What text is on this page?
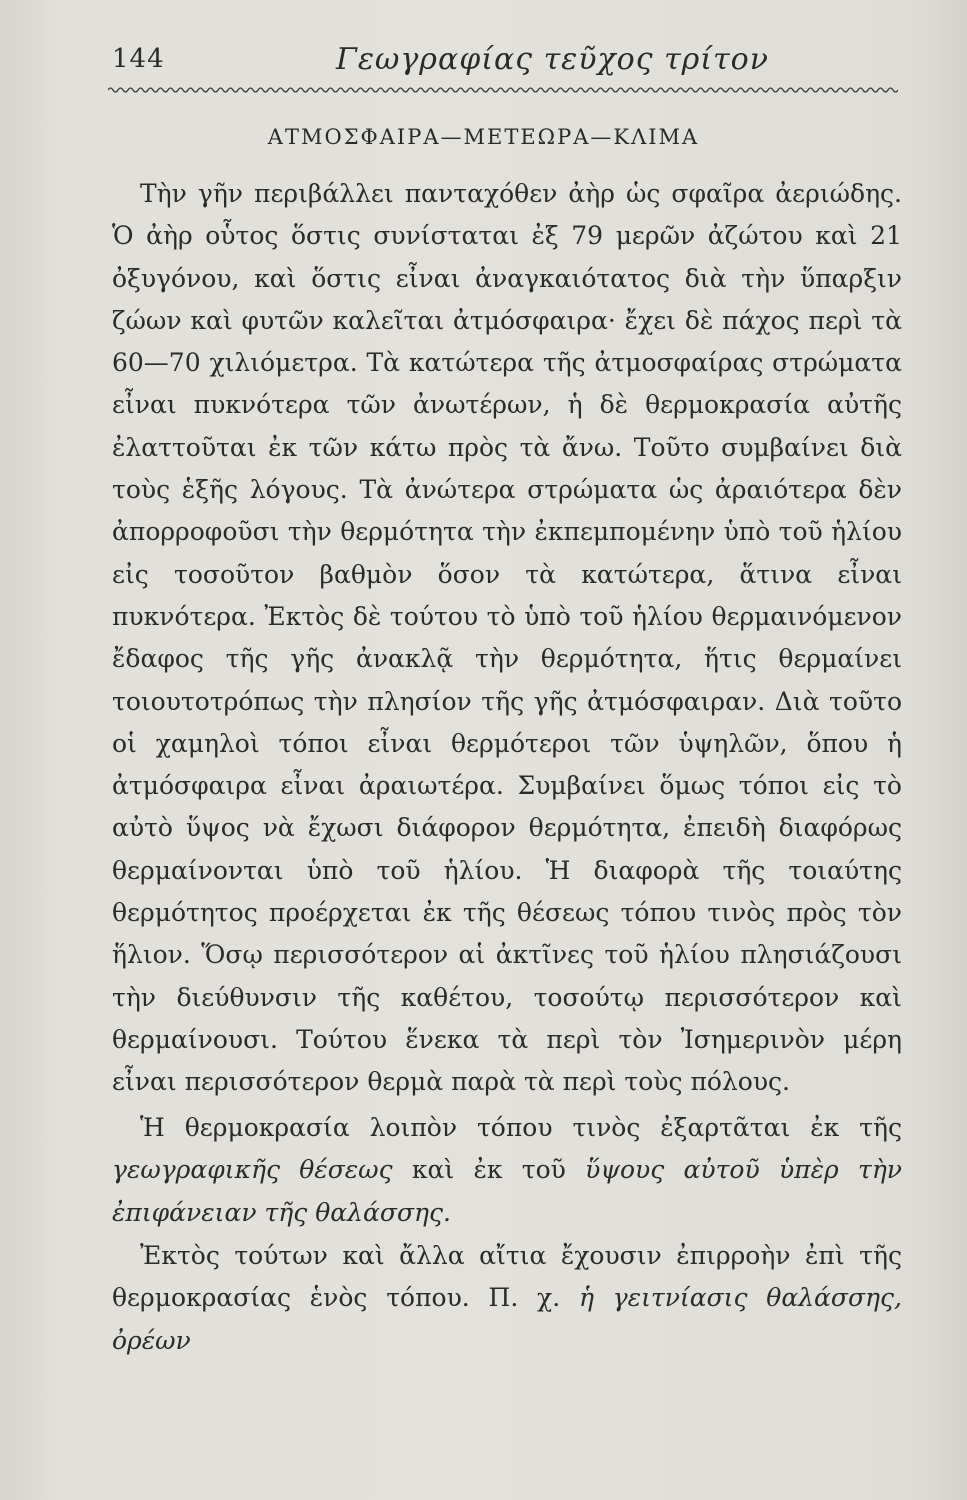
144	Γεωγραφίας τεῦχος τρίτον
ΑΤΜΟΣΦΑΙΡΑ—ΜΕΤΕΩΡΑ—ΚΛΙΜΑ
Τὴν γῆν περιβάλλει πανταχόθεν ἀὴρ ὡς σφαῖρα ἀεριώδης. Ὁ ἀὴρ οὗτος ὅστις συνίσταται ἐξ 79 μερῶν ἀζώτου καὶ 21 ὀξυγόνου, καὶ ὅστις εἶναι ἀναγκαιότατος διὰ τὴν ὕπαρξιν ζώων καὶ φυτῶν καλεῖται ἀτμόσφαιρα· ἔχει δὲ πάχος περὶ τὰ 60—70 χιλιόμετρα. Τὰ κατώτερα τῆς ἀτμοσφαίρας στρώματα εἶναι πυκνότερα τῶν ἀνωτέρων, ἡ δὲ θερμοκρασία αὐτῆς ἐλαττοῦται ἐκ τῶν κάτω πρὸς τὰ ἄνω. Τοῦτο συμβαίνει διὰ τοὺς ἑξῆς λόγους. Τὰ ἀνώτερα στρώματα ὡς ἀραιότερα δὲν ἀπορροφοῦσι τὴν θερμότητα τὴν ἐκπεμπομένην ὑπὸ τοῦ ἡλίου εἰς τοσοῦτον βαθμὸν ὅσον τὰ κατώτερα, ἅτινα εἶναι πυκνότερα. Ἐκτὸς δὲ τούτου τὸ ὑπὸ τοῦ ἡλίου θερμαινόμενον ἔδαφος τῆς γῆς ἀνακλᾷ τὴν θερμότητα, ἥτις θερμαίνει τοιουτοτρόπως τὴν πλησίον τῆς γῆς ἀτμόσφαιραν. Διὰ τοῦτο οἱ χαμηλοὶ τόποι εἶναι θερμότεροι τῶν ὑψηλῶν, ὅπου ἡ ἀτμόσφαιρα εἶναι ἀραιωτέρα. Συμβαίνει ὅμως τόποι εἰς τὸ αὐτὸ ὕψος νὰ ἔχωσι διάφορον θερμότητα, ἐπειδὴ διαφόρως θερμαίνονται ὑπὸ τοῦ ἡλίου. Ἡ διαφορὰ τῆς τοιαύτης θερμότητος προέρχεται ἐκ τῆς θέσεως τόπου τινὸς πρὸς τὸν ἥλιον. Ὅσῳ περισσότερον αἱ ἀκτῖνες τοῦ ἡλίου πλησιάζουσι τὴν διεύθυνσιν τῆς καθέτου, τοσούτῳ περισσότερον καὶ θερμαίνουσι. Τούτου ἕνεκα τὰ περὶ τὸν Ἰσημερινὸν μέρη εἶναι περισσότερον θερμὰ παρὰ τὰ περὶ τοὺς πόλους.
Ἡ θερμοκρασία λοιπὸν τόπου τινὸς ἐξαρτᾶται ἐκ τῆς γεωγραφικῆς θέσεως καὶ ἐκ τοῦ ὕψους αὐτοῦ ὑπὲρ τὴν ἐπιφάνειαν τῆς θαλάσσης.
Ἐκτὸς τούτων καὶ ἄλλα αἴτια ἔχουσιν ἐπιρροὴν ἐπὶ τῆς θερμοκρασίας ἑνὸς τόπου. Π. χ. ἡ γειτνίασις θαλάσσης, ὀρέων
